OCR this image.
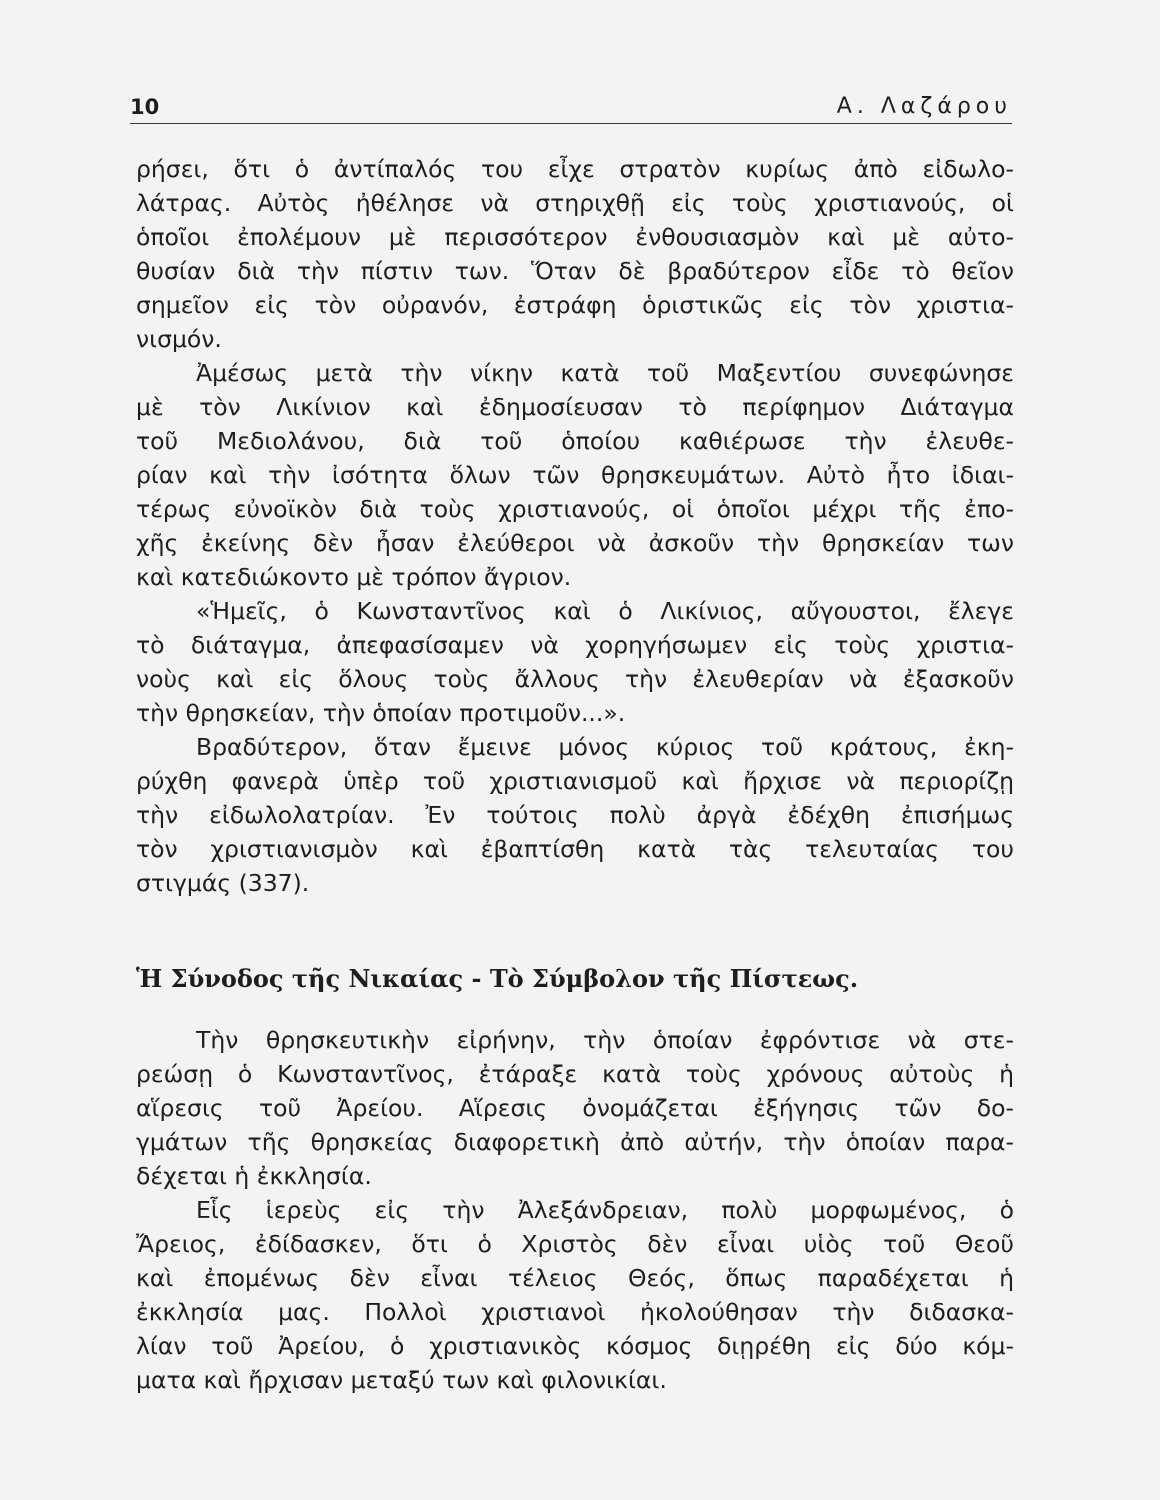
10	Α. Λαζάρου
ρήσει, ὅτι ὁ ἀντίπαλός του εἶχε στρατὸν κυρίως ἀπὸ εἰδωλο-
λάτρας. Αὐτὸς ἠθέλησε νὰ στηριχθῇ εἰς τοὺς χριστιανούς, οἱ
ὁποῖοι ἐπολέμουν μὲ περισσότερον ἐνθουσιασμὸν καὶ μὲ αὐτο-
θυσίαν διὰ τὴν πίστιν των. Ὅταν δὲ βραδύτερον εἶδε τὸ θεῖον
σημεῖον εἰς τὸν οὐρανόν, ἐστράφη ὁριστικῶς εἰς τὸν χριστια-
νισμόν.
Ἀμέσως μετὰ τὴν νίκην κατὰ τοῦ Μαξεντίου συνεφώνησε
μὲ τὸν Λικίνιον καὶ ἐδημοσίευσαν τὸ περίφημον Διάταγμα
τοῦ Μεδιολάνου, διὰ τοῦ ὁποίου καθιέρωσε τὴν ἐλευθε-
ρίαν καὶ τὴν ἰσότητα ὅλων τῶν θρησκευμάτων. Αὐτὸ ἦτο ἰδιαι-
τέρως εὐνοϊκὸν διὰ τοὺς χριστιανούς, οἱ ὁποῖοι μέχρι τῆς ἐπο-
χῆς ἐκείνης δὲν ἦσαν ἐλεύθεροι νὰ ἀσκοῦν τὴν θρησκείαν των
καὶ κατεδιώκοντο μὲ τρόπον ἄγριον.
«Ἡμεῖς, ὁ Κωνσταντῖνος καὶ ὁ Λικίνιος, αὔγουστοι, ἔλεγε
τὸ διάταγμα, ἀπεφασίσαμεν νὰ χορηγήσωμεν εἰς τοὺς χριστια-
νοὺς καὶ εἰς ὅλους τοὺς ἄλλους τὴν ἐλευθερίαν νὰ ἐξασκοῦν
τὴν θρησκείαν, τὴν ὁποίαν προτιμοῦν...».
Βραδύτερον, ὅταν ἔμεινε μόνος κύριος τοῦ κράτους, ἐκη-
ρύχθη φανερὰ ὑπὲρ τοῦ χριστιανισμοῦ καὶ ἤρχισε νὰ περιορίζῃ
τὴν εἰδωλολατρίαν. Ἐν τούτοις πολὺ ἀργὰ ἐδέχθη ἐπισήμως
τὸν χριστιανισμὸν καὶ ἐβαπτίσθη κατὰ τὰς τελευταίας του
στιγμάς (337).
Ἡ Σύνοδος τῆς Νικαίας - Τὸ Σύμβολον τῆς Πίστεως.
Τὴν θρησκευτικὴν εἰρήνην, τὴν ὁποίαν ἐφρόντισε νὰ στε-
ρεώσῃ ὁ Κωνσταντῖνος, ἐτάραξε κατὰ τοὺς χρόνους αὐτοὺς ἡ
αἵρεσις τοῦ Ἀρείου. Αἵρεσις ὀνομάζεται ἐξήγησις τῶν δο-
γμάτων τῆς θρησκείας διαφορετικὴ ἀπὸ αὐτήν, τὴν ὁποίαν παρα-
δέχεται ἡ ἐκκλησία.
Εἷς ἱερεὺς εἰς τὴν Ἀλεξάνδρειαν, πολὺ μορφωμένος, ὁ
Ἄρειος, ἐδίδασκεν, ὅτι ὁ Χριστὸς δὲν εἶναι υἱὸς τοῦ Θεοῦ
καὶ ἐπομένως δὲν εἶναι τέλειος Θεός, ὅπως παραδέχεται ἡ
ἐκκλησία μας. Πολλοὶ χριστιανοὶ ἠκολούθησαν τὴν διδασκα-
λίαν τοῦ Ἀρείου, ὁ χριστιανικὸς κόσμος διῃρέθη εἰς δύο κόμ-
ματα καὶ ἤρχισαν μεταξύ των καὶ φιλονικίαι.
